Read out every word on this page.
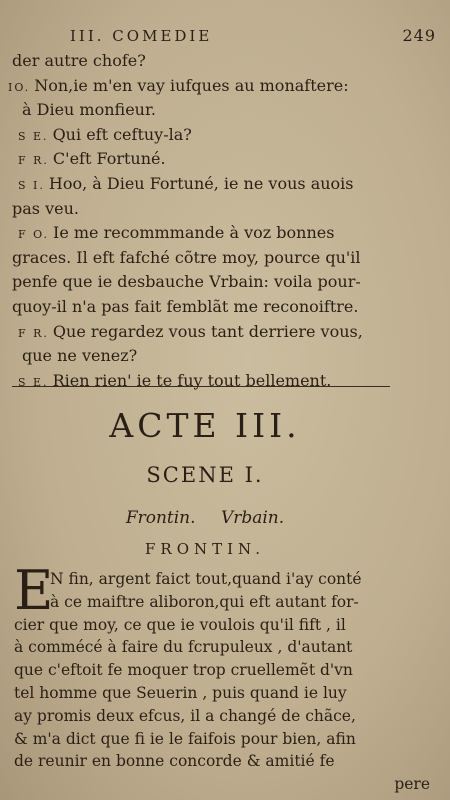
III. COMEDIE	249
der autre chofe?
IO. Non,ie m'en vay iufques au monaftere:
à Dieu monfieur.
S E. Qui eft ceftuy-la?
F R. C'eft Fortuné.
S I. Hoo, à Dieu Fortuné, ie ne vous auois
pas veu.
F O. Ie me recommmande à voz bonnes
graces. Il eft fafché cõtre moy, pource qu'il
penfe que ie desbauche Vrbain: voila pour-
quoy-il n'a pas fait femblãt me reconoiftre.
F R. Que regardez vous tant derriere vous,
que ne venez?
S E. Rien rien' ie te fuy tout bellement.
ACTE III.
SCENE I.
Frontin. Vrbain.
FRONTIN.
E
N fin, argent faict tout,quand i'ay conté
à ce maiftre aliboron,qui eft autant for-
cier que moy, ce que ie voulois qu'il fift , il
à commécé à faire du fcrupuleux , d'autant
que c'eftoit fe moquer trop cruellemẽt d'vn
tel homme que Seuerin , puis quand ie luy
ay promis deux efcus, il a changé de chãce,
& m'a dict que fi ie le faifois pour bien, afin
de reunir en bonne concorde & amitié fe
pere
